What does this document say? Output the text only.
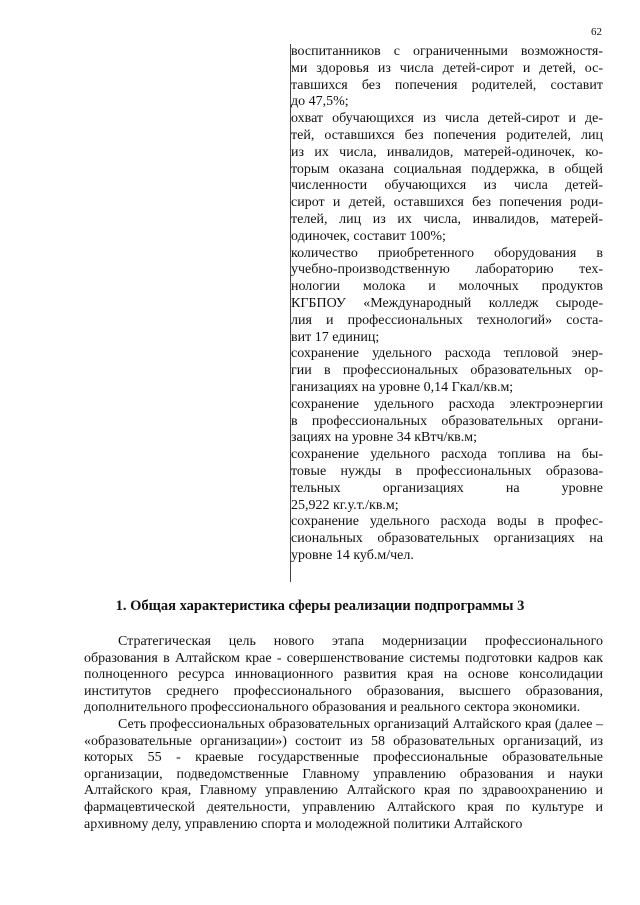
62

воспитанников с ограниченными возможностя-
ми здоровья из числа детей-сирот и детей, ос-
тавшихся без попечения родителей, составит
до 47,5%;

охват обучающихся из числа детей-сирот и де-
тей, оставшихся без попечения родителей, лиц
из их числа, инвалидов, матерей-одиночек, ко-
торым оказана социальная поддержка, в общей
численности обучающихся из числа детей-
сирот и детей, оставшихся без попечения роди-
телей, лиц из их числа, инвалидов, матерей-
одиночек, составит 100%;

количество приобретенного оборудования в
учебно-производственную лабораторию тех-
нологии молока и молочных продуктов
КГБПОУ «Международный колледж сыроде-
лия и профессиональных технологий» состa-
вит 17 единиц;

сохранение удельного расхода тепловой энер-
гии в профессиональных образовательных ор-
ганизациях на уровне 0,14 Гкал/кв.м;

сохранение удельного расхода электроэнергии
в профессиональных образовательных органи-
зациях на уровне 34 кВтч/кв.м;

сохранение удельного расхода топлива на бы-
товые нужды в профессиональных образова-
тельных организациях на уровне
25,922 кг.у.т./кв.м;

сохранение удельного расхода воды в профес-
сиональных образовательных организациях на
уровне 14 куб.м/чел.

1. Общая характеристика сферы реализации подпрограммы 3

Стратегическая цель нового этапа модернизации профессионального образования в Алтайском крае - совершенствование системы подготовки кадров как полноценного ресурса инновационного развития края на основе консолидации институтов среднего профессионального образования, высшего образования, дополнительного профессионального образования и реального сектора экономики.

Сеть профессиональных образовательных организаций Алтайского края (далее – «образовательные организации») состоит из 58 образовательных организаций, из которых 55 - краевые государственные профессиональные образовательные организации, подведомственные Главному управлению образования и науки Алтайского края, Главному управлению Алтайского края по здравоохранению и фармацевтической деятельности, управлению Алтайского края по культуре и архивному делу, управлению спорта и молодежной политики Алтайского
